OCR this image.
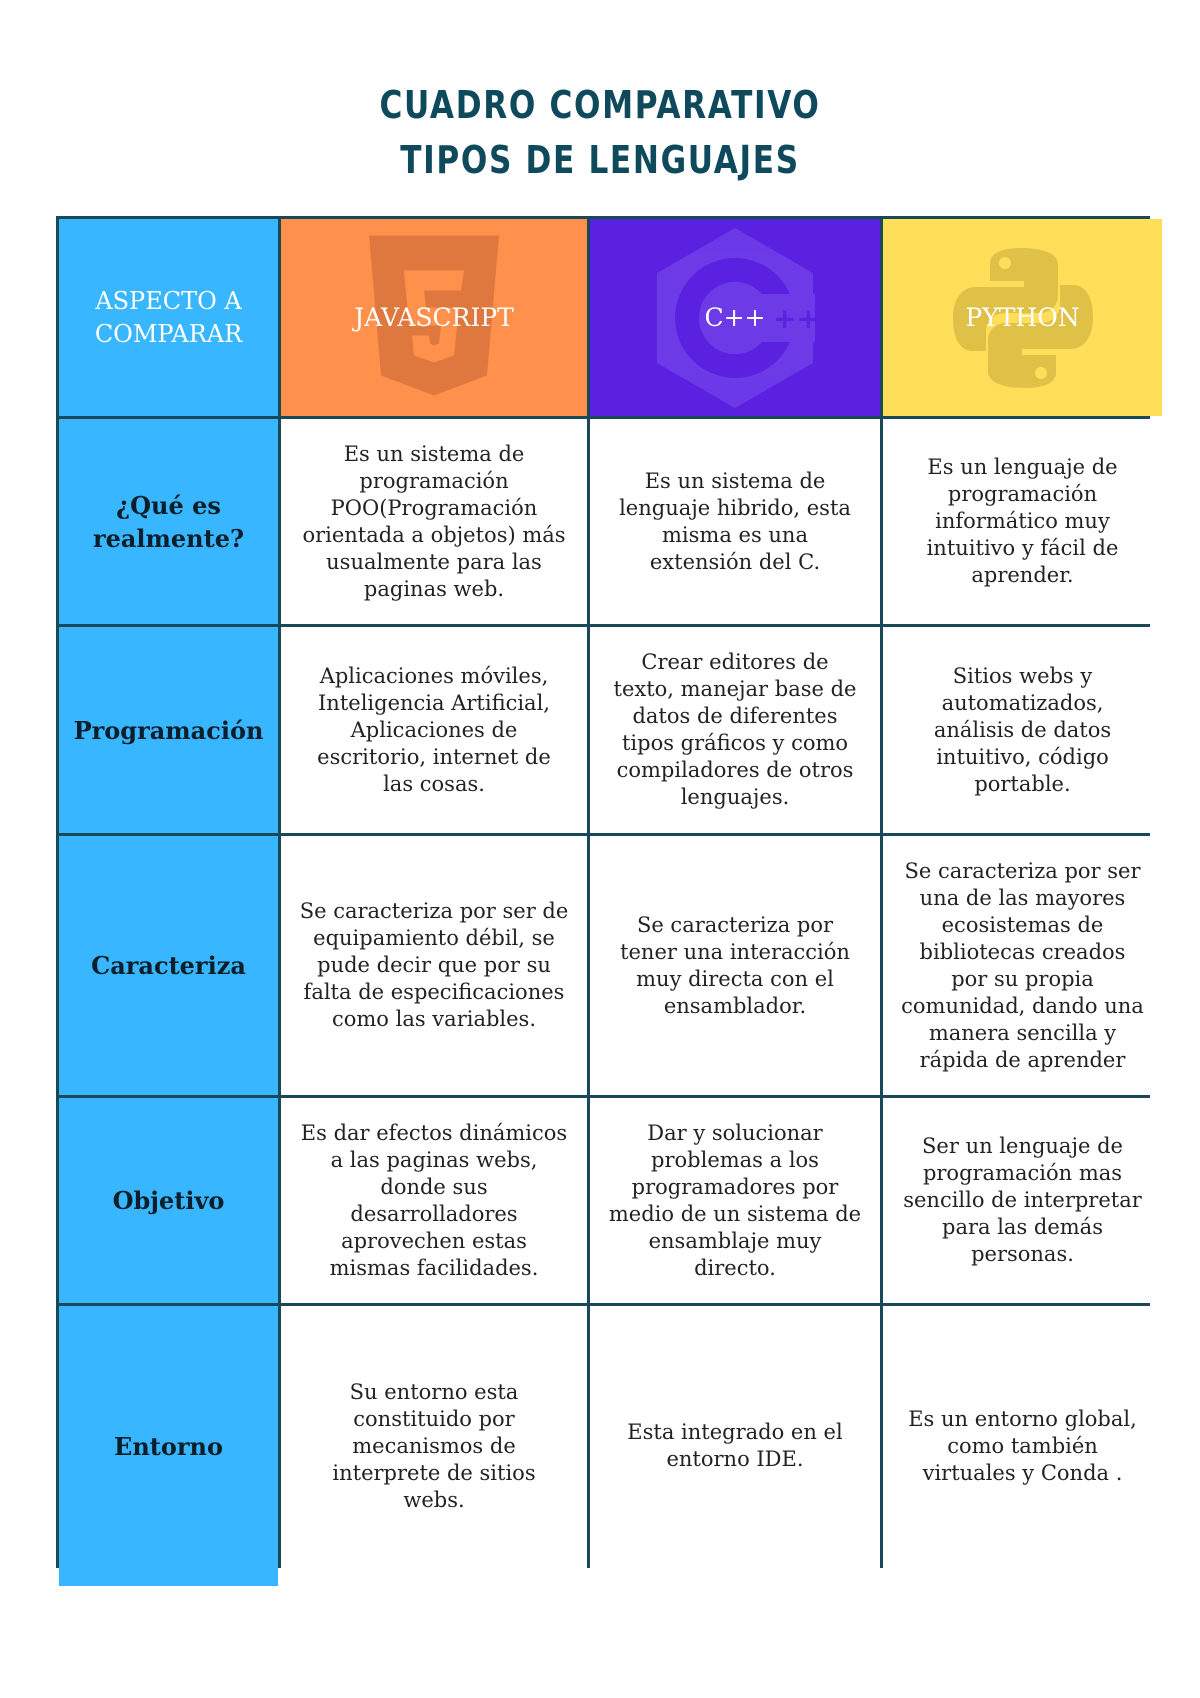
CUADRO COMPARATIVO
TIPOS DE LENGUAJES
ASPECTO A COMPARAR
JAVASCRIPT	++
C++	PYTHON
¿Qué es realmente?
Es un sistema de programación POO(Programación orientada a objetos) más usualmente para las paginas web.
Es un sistema de lenguaje hibrido, esta misma es una extensión del C.
Es un lenguaje de programación informático muy intuitivo y fácil de aprender.
Programación
Aplicaciones móviles, Inteligencia Artificial, Aplicaciones de escritorio, internet de las cosas.
Crear editores de texto, manejar base de datos de diferentes tipos gráficos y como compiladores de otros lenguajes.
Sitios webs y automatizados, análisis de datos intuitivo, código portable.
Caracteriza
Se caracteriza por ser de equipamiento débil, se pude decir que por su falta de especificaciones como las variables.
Se caracteriza por tener una interacción muy directa con el ensamblador.
Se caracteriza por ser una de las mayores ecosistemas de bibliotecas creados por su propia comunidad, dando una manera sencilla y rápida de aprender
Objetivo
Es dar efectos dinámicos a las paginas webs, donde sus desarrolladores aprovechen estas mismas facilidades.
Dar y solucionar problemas a los programadores por medio de un sistema de ensamblaje muy directo.
Ser un lenguaje de programación mas sencillo de interpretar para las demás personas.
Entorno
Su entorno esta constituido por mecanismos de interprete de sitios webs.
Esta integrado en el entorno IDE.
Es un entorno global, como también virtuales y Conda .
